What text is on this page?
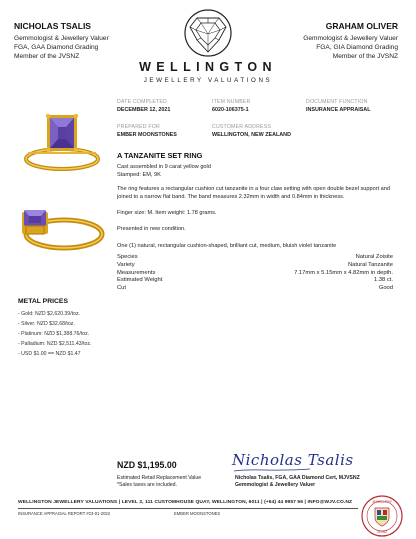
NICHOLAS TSALIS
Gemmologist & Jewellery Valuer
FGA, GAA Diamond Grading
Member of the JVSNZ
GRAHAM OLIVER
Gemmologist & Jewellery Valuer
FGA, GIA Diamond Grading
Member of the JVSNZ
WELLINGTON
JEWELLERY VALUATIONS
DATE COMPLETED
DECEMBER 12, 2021
ITEM NUMBER
6020-106375-1
DOCUMENT FUNCTION
INSURANCE APPRAISAL
PREPARED FOR
EMBER MOONSTONES
CUSTOMER ADDRESS
WELLINGTON, NEW ZEALAND
A TANZANITE SET RING
Cast assembled in 9 carat yellow gold
Stamped: EM, 9K
The ring features a rectangular cushion cut tanzanite in a four claw setting with open double bezel support and joined to a narrow flat band. The band measures 2.32mm in width and 0.84mm in thickness.
Finger size: M. Item weight: 1.78 grams.
Presented in new condition.
One (1) natural, rectangular cushion-shaped, brilliant cut, medium, bluish violet tanzanite
Species	Natural Zoisite
Variety	Natural Tanzanite
Measurements	7.17mm x 5.15mm x 4.82mm in depth.
Estimated Weight	1.38 ct.
Cut	Good
METAL PRICES
- Gold: NZD $2,620.39/toz.
- Silver: NZD $32.68/toz.
- Platinum: NZD $1,388.76/toz.
- Palladium: NZD $2,511.43/toz.
- USD $1.00 == NZD $1.47
NZD $1,195.00
Estimated Retail Replacement Value
*Sales taxes are included.
Nicholas Tsalis
Nicholas Tsalis, FGA, GAA Diamond Cert, MJVSNZ
Gemmologist & Jewellery Valuer
WELLINGTON JEWELLERY VALUATIONS | LEVEL 2, 111 CUSTOMHOUSE QUAY, WELLINGTON, 6011 | (+64) 44 9957 56 | INFO@WJV.CO.NZ
INSURANCE APPRAISAL REPORT #23-01-2022	EMBER MOONSTONES
JEWELLERY
JVSNZ
